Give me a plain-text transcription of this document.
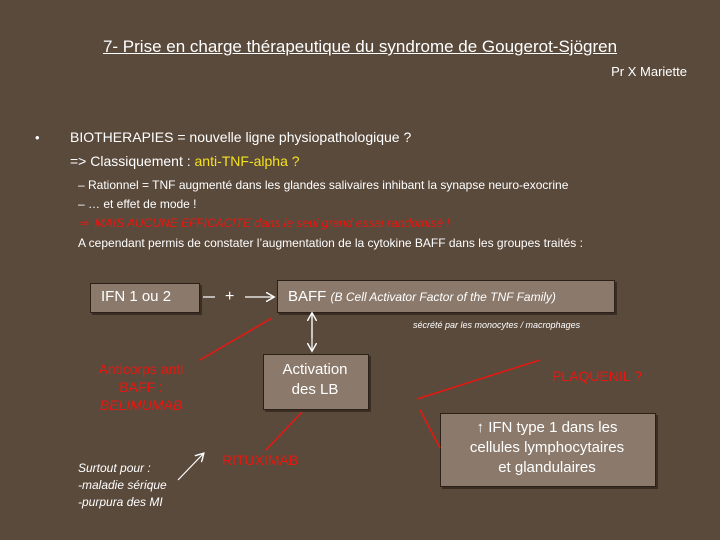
7- Prise en charge thérapeutique du syndrome de Gougerot-Sjögren
Pr X Mariette
• BIOTHERAPIES = nouvelle ligne physiopathologique ?
=> Classiquement : anti-TNF-alpha ?
– Rationnel = TNF augmenté dans les glandes salivaires inhibant la synapse neuro-exocrine
– … et effet de mode !
⇒ MAIS AUCUNE EFFICACITE dans le seul grand essai randomisé !
A cependant permis de constater l’augmentation de la cytokine BAFF dans les groupes traités :
IFN 1 ou 2	+	BAFF (B Cell Activator Factor of the TNF Family)
sécrété par les monocytes / macrophages
Activation
des LB
Anticorps anti
BAFF :
BELIMUMAB
RITUXIMAB
PLAQUENIL ?
↑ IFN type 1 dans les
cellules lymphocytaires
et glandulaires
Surtout pour :
-maladie sérique
-purpura des MI
